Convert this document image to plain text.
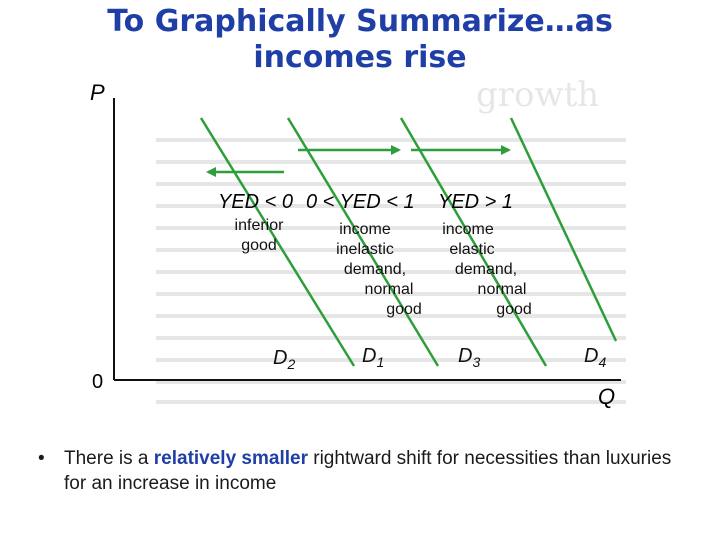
To Graphically Summarize…as

incomes rise
growth
P
Q
0
YED < 0 0 < YED < 1 YED > 1
inferior
good
income
inelastic
demand,
normal
good
income
elastic
demand,
normal
good
$D_2$	$D_1$	$D_3$	$D_4$
• There is a relatively smaller rightward shift for necessities than luxuries for an increase in income
